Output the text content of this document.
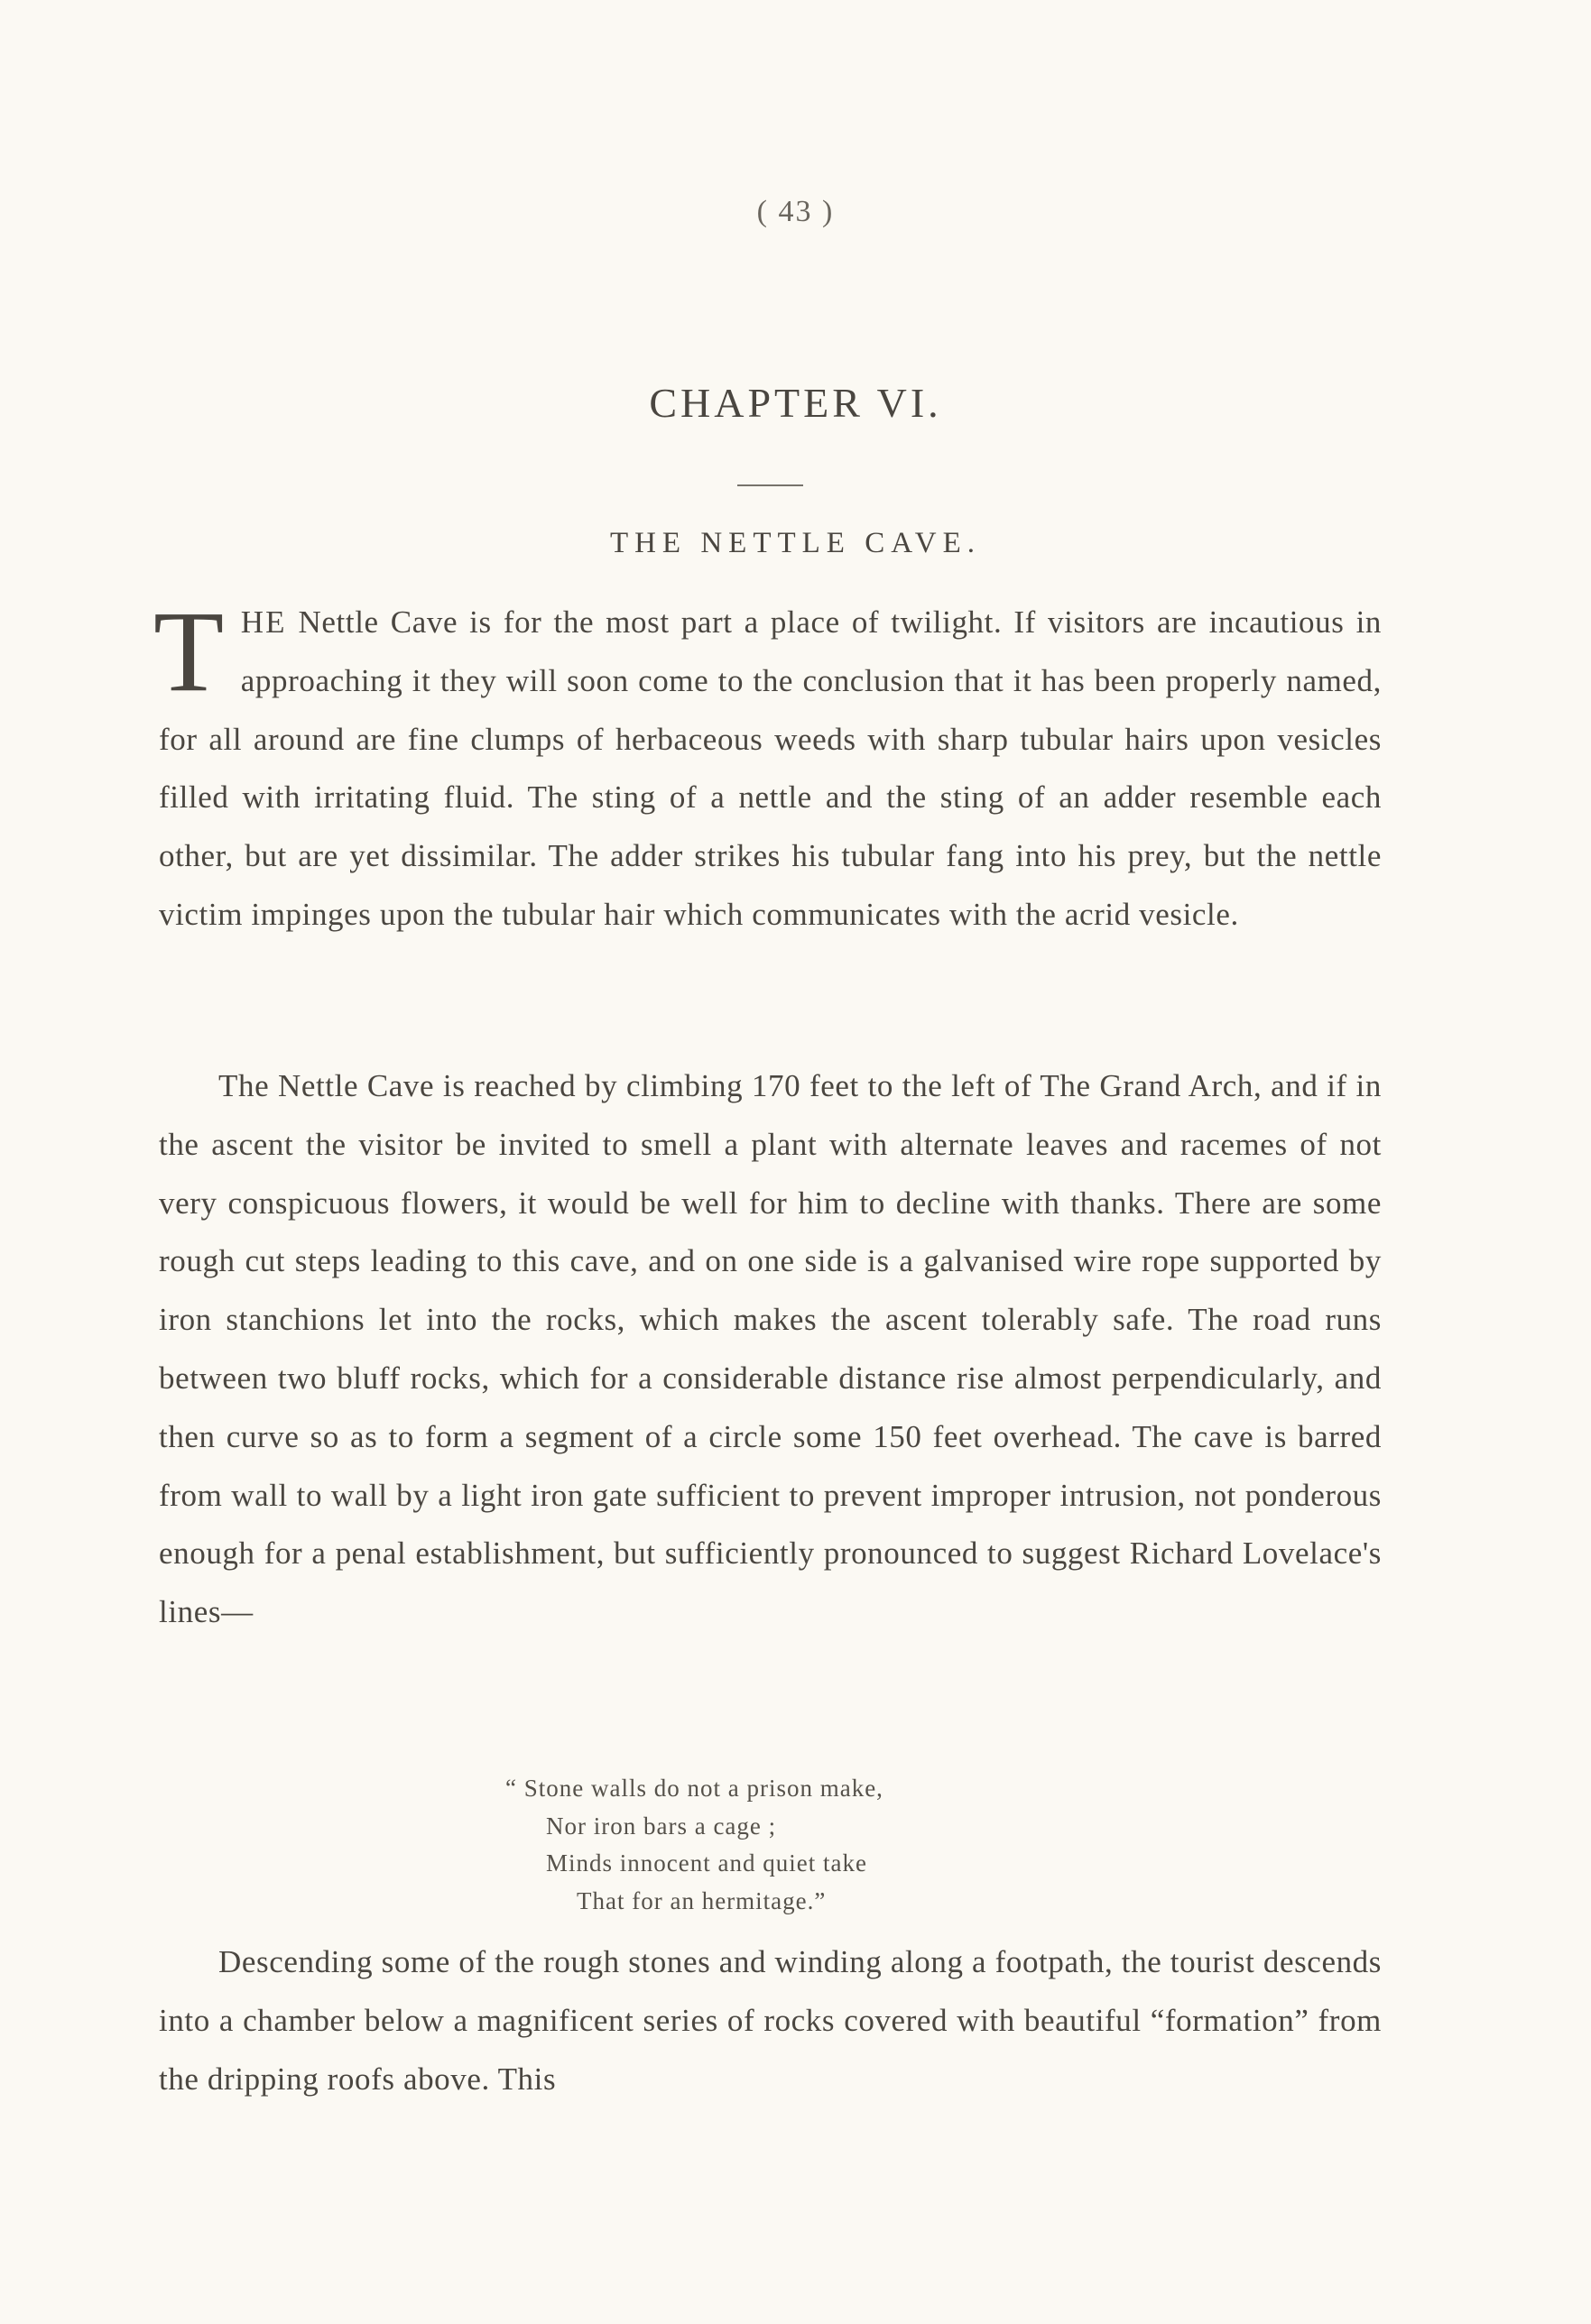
( 43 )
CHAPTER VI.
THE NETTLE CAVE.

THE Nettle Cave is for the most part a place of twilight. If visitors are incautious in approaching it they will soon come to the conclusion that it has been properly named, for all around are fine clumps of herbaceous weeds with sharp tubular hairs upon vesicles filled with irritating fluid. The sting of a nettle and the sting of an adder resemble each other, but are yet dissimilar. The adder strikes his tubular fang into his prey, but the nettle victim impinges upon the tubular hair which communicates with the acrid vesicle.

The Nettle Cave is reached by climbing 170 feet to the left of The Grand Arch, and if in the ascent the visitor be invited to smell a plant with alternate leaves and racemes of not very conspicuous flowers, it would be well for him to decline with thanks. There are some rough cut steps leading to this cave, and on one side is a galvanised wire rope supported by iron stanchions let into the rocks, which makes the ascent tolerably safe. The road runs between two bluff rocks, which for a considerable distance rise almost perpendicularly, and then curve so as to form a segment of a circle some 150 feet overhead. The cave is barred from wall to wall by a light iron gate sufficient to prevent improper intrusion, not ponderous enough for a penal establishment, but sufficiently pronounced to suggest Richard Lovelace's lines—

“ Stone walls do not a prison make,
Nor iron bars a cage ;
Minds innocent and quiet take
That for an hermitage.”

Descending some of the rough stones and winding along a footpath, the tourist descends into a chamber below a magnificent series of rocks covered with beautiful “formation” from the dripping roofs above. This
